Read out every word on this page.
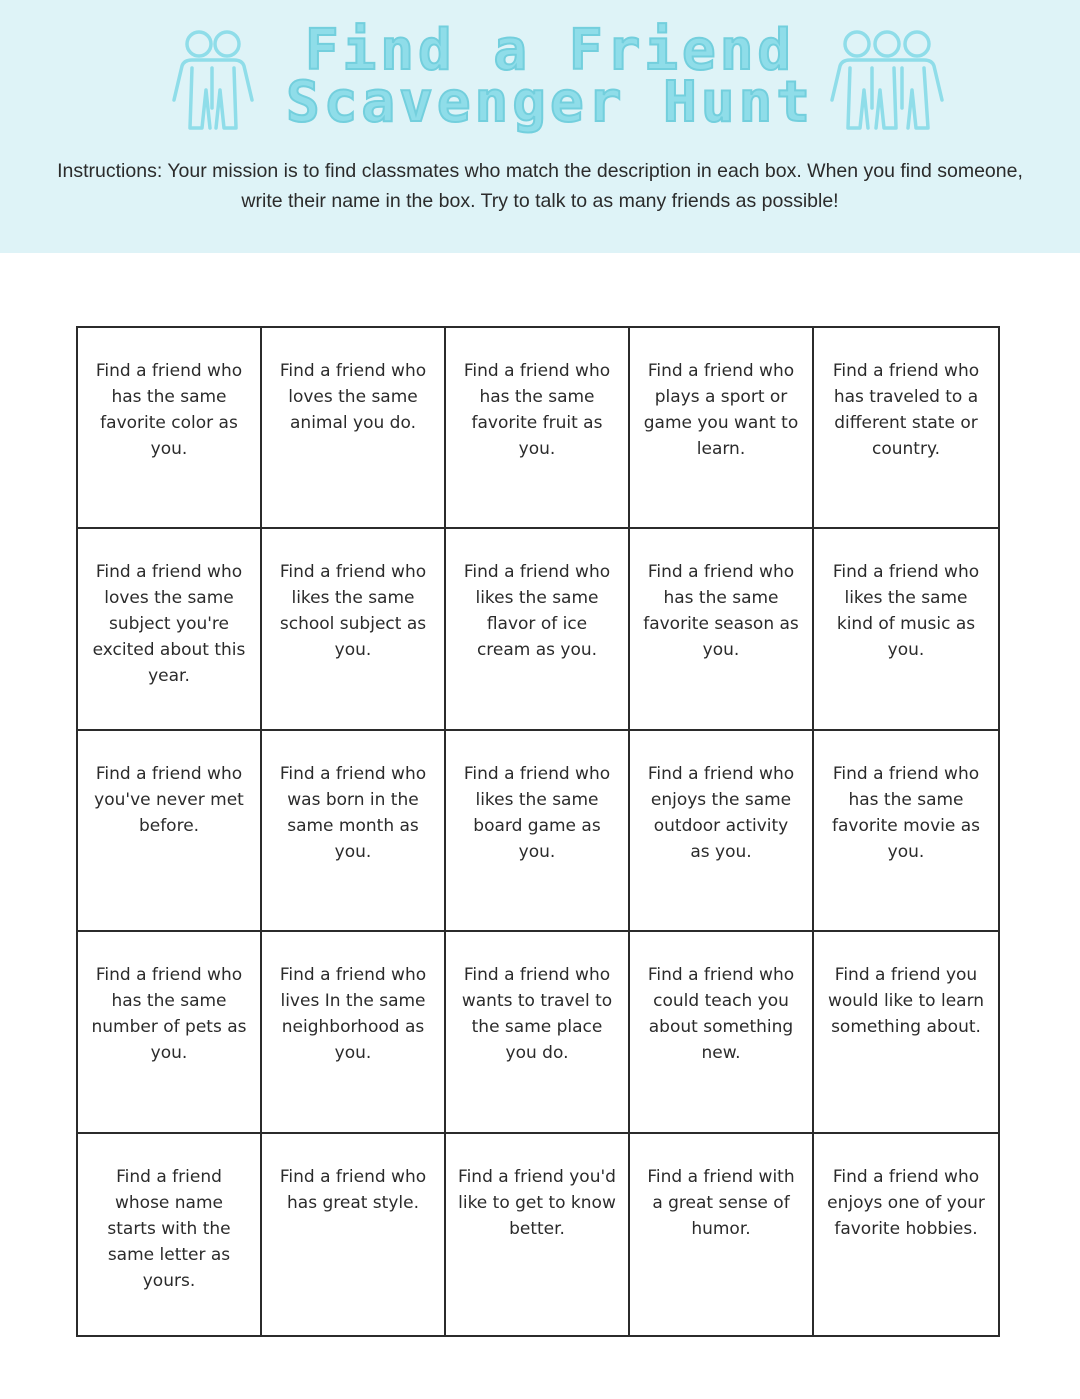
Find a Friend
Scavenger Hunt

Instructions: Your mission is to find classmates who match the description in each box. When you find someone, write their name in the box. Try to talk to as many friends as possible!

Find a friend who has the same favorite color as you.
Find a friend who loves the same animal you do.
Find a friend who has the same favorite fruit as you.
Find a friend who plays a sport or game you want to learn.
Find a friend who has traveled to a different state or country.
Find a friend who loves the same subject you're excited about this year.
Find a friend who likes the same school subject as you.
Find a friend who likes the same flavor of ice cream as you.
Find a friend who has the same favorite season as you.
Find a friend who likes the same kind of music as you.
Find a friend who you've never met before.
Find a friend who was born in the same month as you.
Find a friend who likes the same board game as you.
Find a friend who enjoys the same outdoor activity as you.
Find a friend who has the same favorite movie as you.
Find a friend who has the same number of pets as you.
Find a friend who lives In the same neighborhood as you.
Find a friend who wants to travel to the same place you do.
Find a friend who could teach you about something new.
Find a friend you would like to learn something about.
Find a friend whose name starts with the same letter as yours.
Find a friend who has great style.
Find a friend you'd like to get to know better.
Find a friend with a great sense of humor.
Find a friend who enjoys one of your favorite hobbies.
